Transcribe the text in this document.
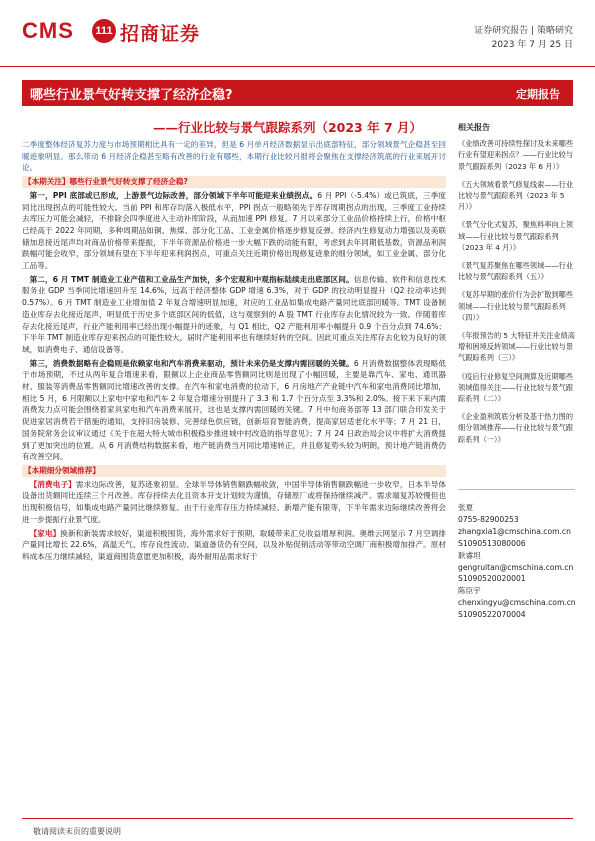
CMS	111 招商证券	证券研究报告 | 策略研究
2023 年 7 月 25 日
哪些行业景气好转支撑了经济企稳?	定期报告
——行业比较与景气跟踪系列（2023 年 7 月）

二季度整体经济复苏力度与市场预期相比具有一定的差异，但是 6 月单月经济数据显示出底部特征，部分领域景气企稳甚至回暖迹象明显。那么带动 6 月经济企稳甚至略有改善的行业有哪些，本期行业比较月报将会聚焦在支撑经济筑底的行业来展开讨论。

【本期关注】哪些行业景气好转支撑了经济企稳?

第一，PPI 底部或已形成，上游景气边际改善，部分领域下半年可能迎来业绩拐点。6 月 PPI（-5.4%）或已筑底，三季度同比出现拐点的可能性较大。当前 PPI 和库存均落入极低水平，PPI 拐点一般略领先于库存周期拐点的出现，三季度工业持续去库压力可能会减轻，不排除会四季度进入主动补库阶段，从而加速 PPI 修复。7 月以来部分工业品价格持续上行，价格中枢已经高于 2022 年同期，多种周期品如铜、焦煤、部分化工品、工业金属价格逐步修复反弹。经济内生修复动力增强以及美联储加息接近尾声均对商品价格带来提振，下半年资源品价格进一步大幅下跌的动能有限，考虑到去年同期低基数，资源品利润跌幅可能会收窄，部分领域有望在下半年迎来利润拐点，可重点关注近期价格出现修复迹象的细分领域，如工业金属、部分化工品等。

第二，6 月 TMT 制造业工业产值和工业品生产加快，多个宏观和中观指标陆续走出底部区间。信息传输、软件和信息技术服务业 GDP 当季同比增速回升至 14.6%，远高于经济整体 GDP 增速 6.3%，对于 GDP 的拉动明显提升（Q2 拉动率达到 0.57%）。6 月 TMT 制造业工业增加值 2 年复合增速明显加速，对应的工业品如集成电路产量同比底部回暖等。TMT 设备制造业库存去化接近尾声，明显低于历史多个底部区间的低值，这与观察到的 A 股 TMT 行业库存去化情况较为一致。伴随着库存去化接近尾声，行业产能利用率已经出现小幅提升的迹象，与 Q1 相比，Q2 产能利用率小幅提升 0.9 个百分点到 74.6%；下半年 TMT 制造业库存迎来拐点的可能性较大，届时产能利用率也有继续好转的空间。因此可重点关注库存去化较为良好的领域，如消费电子、通信设备等。

第三，消费数据略有企稳则是依赖家电和汽车消费来驱动，预计未来仍是支撑内需回暖的关键。6 月消费数据整体表现略低于市场预期，不过从两年复合增速来看，限额以上企业商品零售额同比则是出现了小幅回暖，主要是靠汽车、家电、通讯器材、服装等消费品零售额同比增速改善的支撑。在汽车和家电消费的拉动下，6 月房地产产业链中汽车和家电消费同比增加，相比 5 月，6 月限额以上家电中家电和汽车 2 年复合增速分别提升了 3.3 和 1.7 个百分点至 3.3%和 2.0%。接下来下来内需消费发力点可能会围绕着家具家电和汽车消费来展开，这也是支撑内需回暖的关键。7 月中旬商务部等 13 部门联合印发关于促进家居消费若干措施的通知，支持旧房装修、完善绿色供应链，创新培育智能消费，提高家居适老化水平等；7 月 21 日，国务院常务会议审议通过《关于在超大特大城市积极稳步推进城中村改造的指导意见》；7 月 24 日政治局会议中将扩大消费提到了更加突出的位置。从 6 月消费结构数据来看，地产链消费当月同比增速转正，并且修复势头较为明朗，预计地产链消费仍有改善空间。

【本期细分领域推荐】

【消费电子】需求边际改善，复苏迹象初显。全球半导体销售额跌幅收敛，中国半导体销售额跌幅进一步收窄，日本半导体设备出货额同比连续三个月改善。库存持续去化且资本开支计划较为谨慎，存储原厂或将保持继续减产。需求端复苏较慢但也出现积极信号，如集成电路产量同比继续修复。由于行业库存压力持续减轻、新增产能有限等，下半年需求边际继续改善将会进一步提振行业景气度。

【家电】换新和新装需求较好，渠道积极囤货，海外需求好于预期，取暖带来汇兑收益增厚利润。奥维云网显示 7 月空调排产量同比增长 22.6%，高温天气、库存良性流动、渠道备货仍有空间，以及补贴促销活动等带动空调厂商积极增加排产。原材料成本压力继续减轻，渠道商囤货意愿更加积极，海外耐用品需求好于

相关报告
《业绩改善可持续性探讨及未来哪些行业有望迎来拐点？——行业比较与景气跟踪系列（2023 年 6 月）》
《五大领域看景气修复线索——行业比较与景气跟踪系列（2023 年 5 月）》
《景气分化式复苏，聚焦料率向上领域——行业比较与景气跟踪系列（2023 年 4 月）》
《景气复苏聚焦在哪些领域——行业比较与景气跟踪系列（五）》
《复苏早期的涨价行为会扩散到哪些领域——行业比较与景气跟踪系列（四）》
《年报预告的 5 大特征并关注业绩高增和困境反转领域——行业比较与景气跟踪系列（三）》
《疫后行业修复空间测算及近期哪些领域值得关注——行业比较与景气跟踪系列（二）》
《企业盈利筑底分析及基于热力图的细分领域推荐——行业比较与景气跟踪系列（一）》
张夏
0755-82900253
zhangxia1@cmschina.com.cn
S1090513080006
耿睿坦
gengruitan@cmschina.com.cn
S1090520020001
陈臣宇
chenxingyu@cmschina.com.cn
S1090522070004
敬请阅读末页的重要说明
